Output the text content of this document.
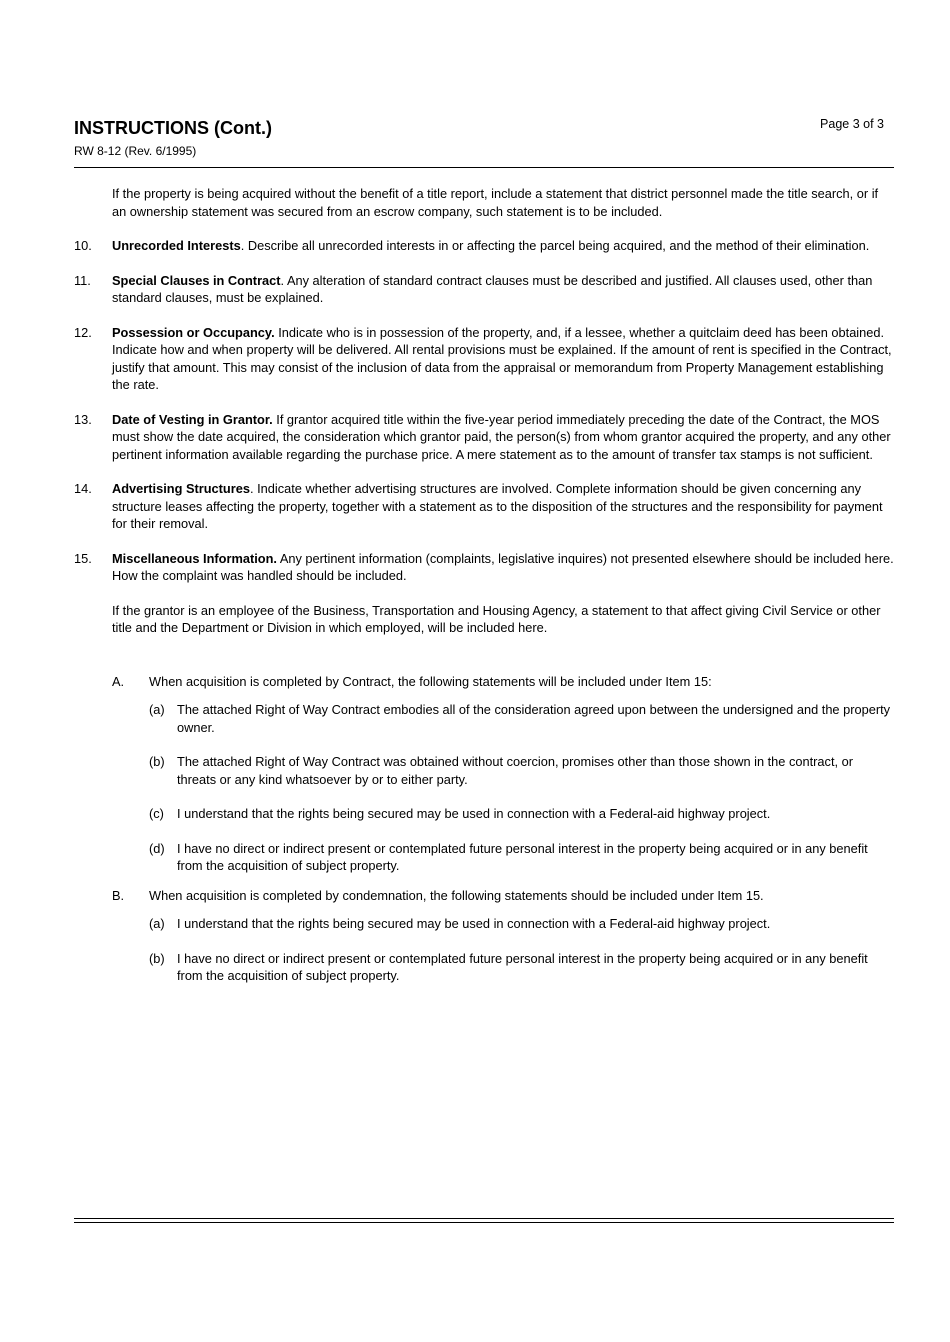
INSTRUCTIONS (Cont.)
RW 8-12 (Rev. 6/1995)
Page 3 of 3

If the property is being acquired without the benefit of a title report, include a statement that district personnel made the title search, or if an ownership statement was secured from an escrow company, such statement is to be included.

10.	Unrecorded Interests. Describe all unrecorded interests in or affecting the parcel being acquired, and the method of their elimination.
11.	Special Clauses in Contract. Any alteration of standard contract clauses must be described and justified. All clauses used, other than standard clauses, must be explained.
12.	Possession or Occupancy. Indicate who is in possession of the property, and, if a lessee, whether a quitclaim deed has been obtained. Indicate how and when property will be delivered. All rental provisions must be explained. If the amount of rent is specified in the Contract, justify that amount. This may consist of the inclusion of data from the appraisal or memorandum from Property Management establishing the rate.
13.	Date of Vesting in Grantor. If grantor acquired title within the five-year period immediately preceding the date of the Contract, the MOS must show the date acquired, the consideration which grantor paid, the person(s) from whom grantor acquired the property, and any other pertinent information available regarding the purchase price. A mere statement as to the amount of transfer tax stamps is not sufficient.
14.	Advertising Structures. Indicate whether advertising structures are involved. Complete information should be given concerning any structure leases affecting the property, together with a statement as to the disposition of the structures and the responsibility for payment for their removal.
15.	Miscellaneous Information. Any pertinent information (complaints, legislative inquires) not presented elsewhere should be included here. How the complaint was handled should be included.

If the grantor is an employee of the Business, Transportation and Housing Agency, a statement to that affect giving Civil Service or other title and the Department or Division in which employed, will be included here.

A.	When acquisition is completed by Contract, the following statements will be included under Item 15:
(a) The attached Right of Way Contract embodies all of the consideration agreed upon between the undersigned and the property owner.
(b) The attached Right of Way Contract was obtained without coercion, promises other than those shown in the contract, or threats or any kind whatsoever by or to either party.
(c)	I understand that the rights being secured may be used in connection with a Federal-aid highway project.
(d) I have no direct or indirect present or contemplated future personal interest in the property being acquired or in any benefit from the acquisition of subject property.
B.	When acquisition is completed by condemnation, the following statements should be included under Item 15.
(a) I understand that the rights being secured may be used in connection with a Federal-aid highway project.
(b) I have no direct or indirect present or contemplated future personal interest in the property being acquired or in any benefit from the acquisition of subject property.
